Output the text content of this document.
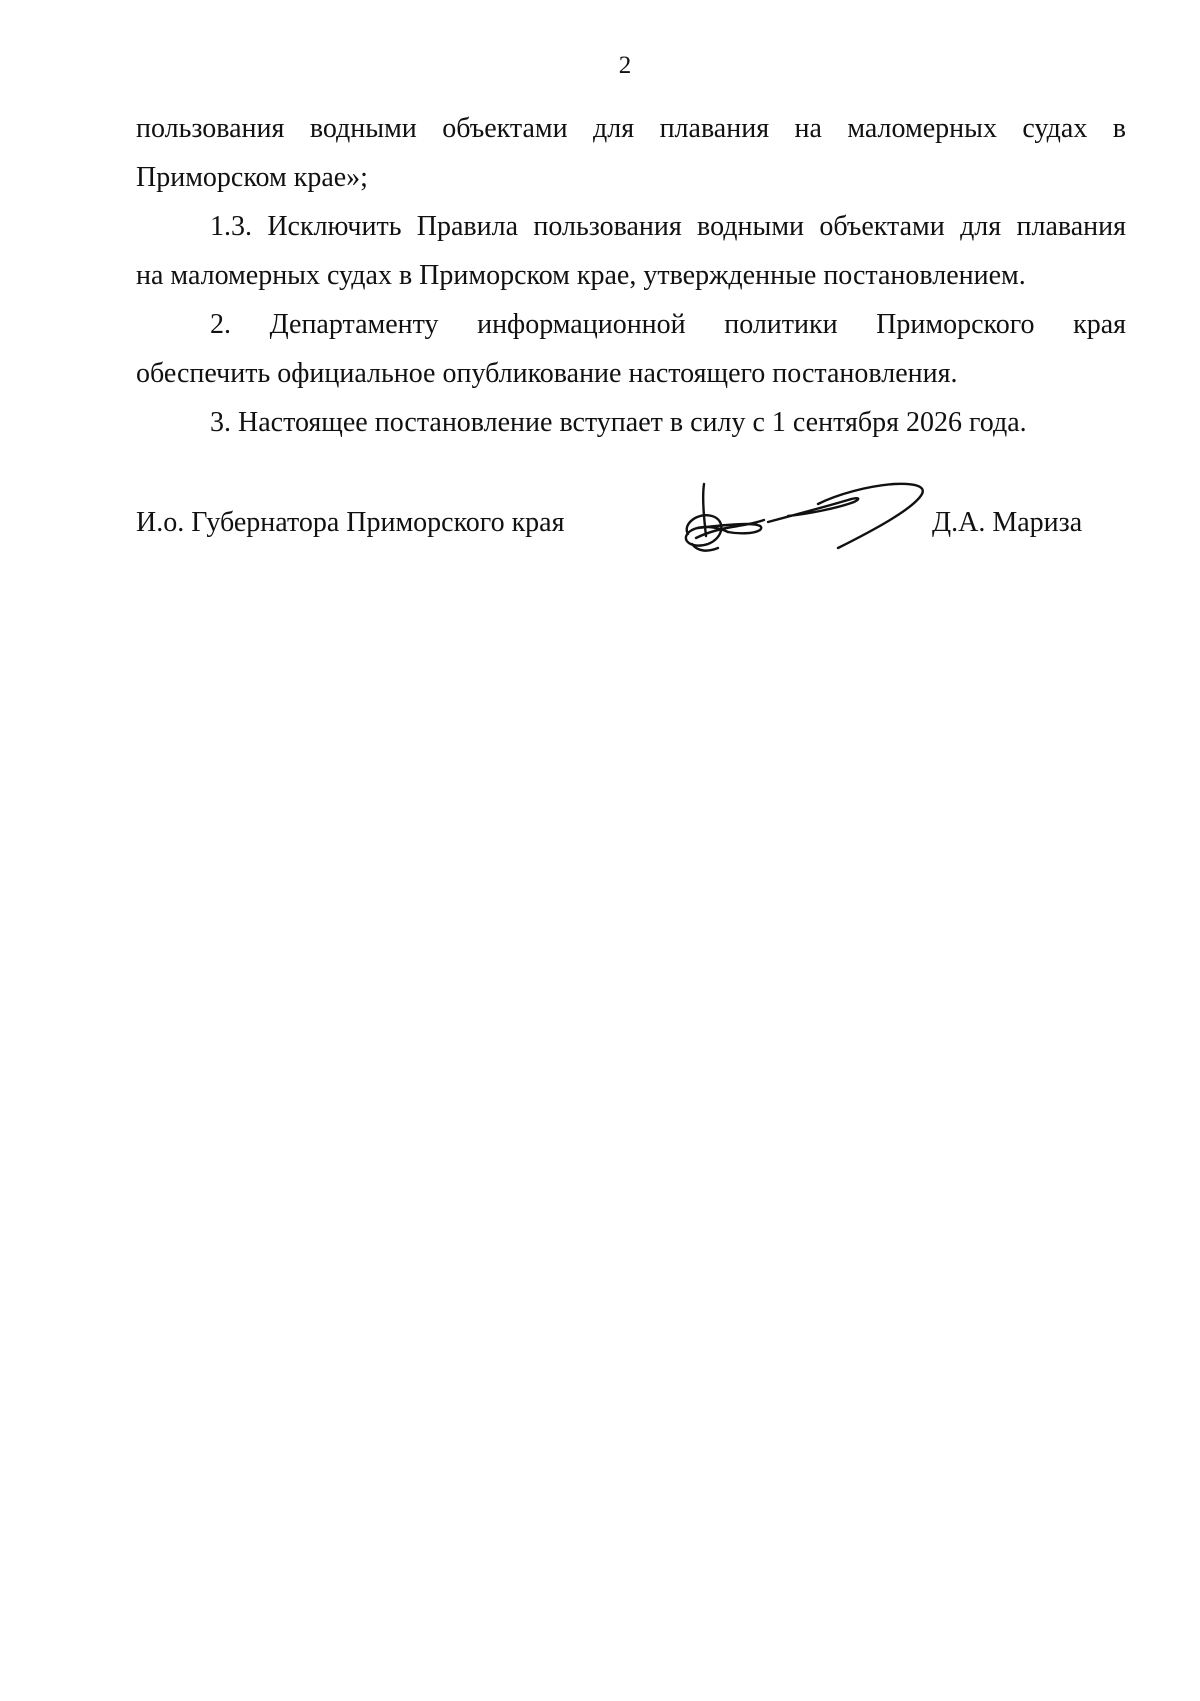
2

пользования водными объектами для плавания на маломерных судах в
Приморском крае»;

1.3. Исключить Правила пользования водными объектами для плавания
на маломерных судах в Приморском крае, утвержденные постановлением.

2. Департаменту информационной политики Приморского края
обеспечить официальное опубликование настоящего постановления.

3. Настоящее постановление вступает в силу с 1 сентября 2026 года.

И.о. Губернатора Приморского края	Д.А. Мариза
